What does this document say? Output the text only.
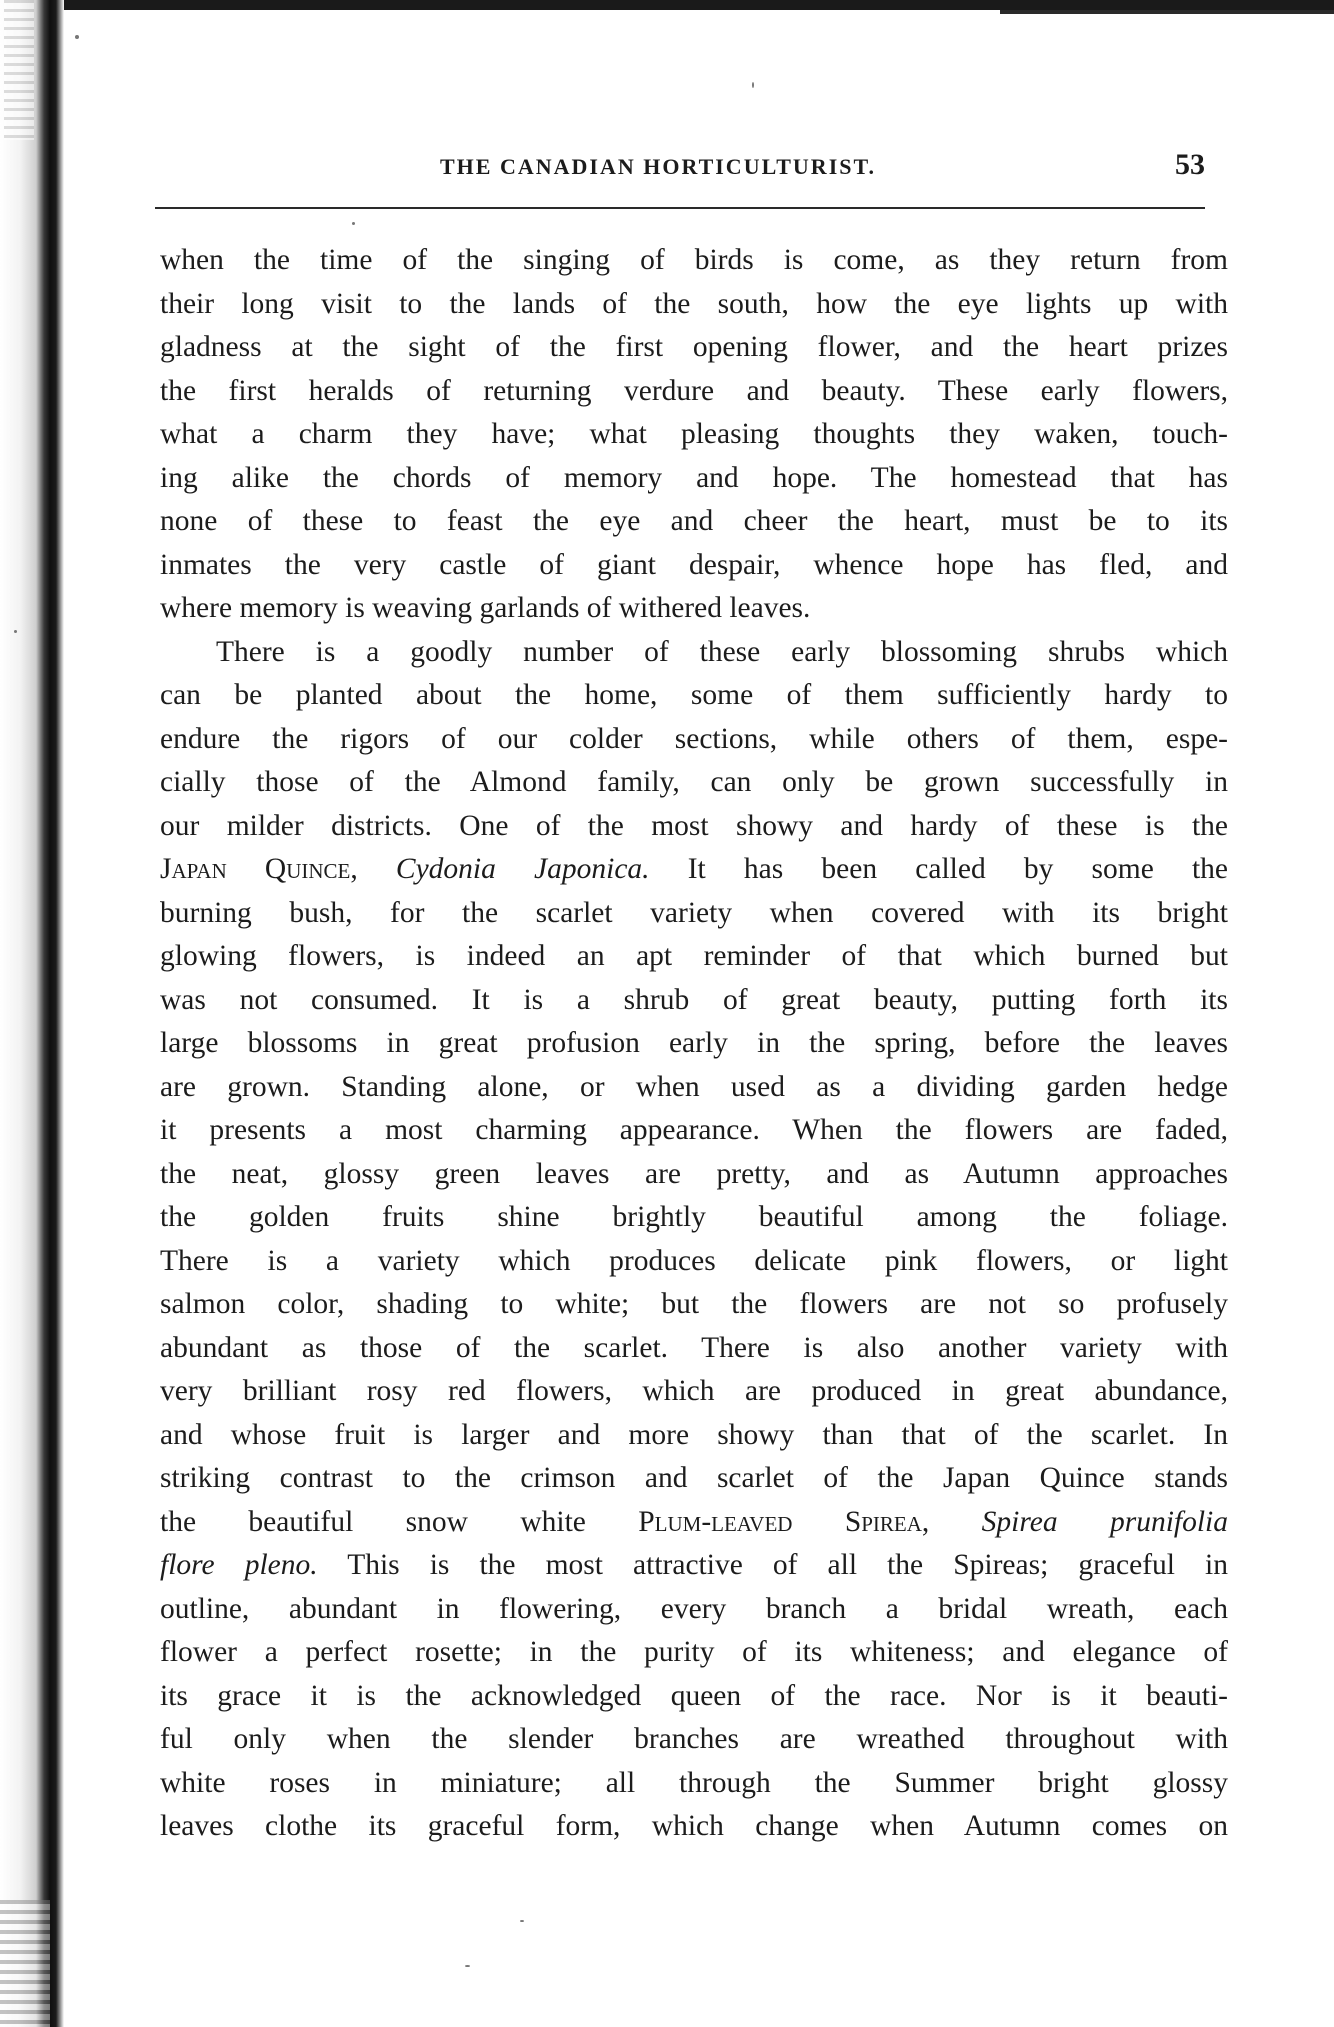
THE CANADIAN HORTICULTURIST.	53
when the time of the singing of birds is come, as they return from
their long visit to the lands of the south, how the eye lights up with
gladness at the sight of the first opening flower, and the heart prizes
the first heralds of returning verdure and beauty. These early flowers,
what a charm they have; what pleasing thoughts they waken, touch-
ing alike the chords of memory and hope. The homestead that has
none of these to feast the eye and cheer the heart, must be to its
inmates the very castle of giant despair, whence hope has fled, and
where memory is weaving garlands of withered leaves.
There is a goodly number of these early blossoming shrubs which
can be planted about the home, some of them sufficiently hardy to
endure the rigors of our colder sections, while others of them, espe-
cially those of the Almond family, can only be grown successfully in
our milder districts. One of the most showy and hardy of these is the
Japan Quince, Cydonia Japonica. It has been called by some the
burning bush, for the scarlet variety when covered with its bright
glowing flowers, is indeed an apt reminder of that which burned but
was not consumed. It is a shrub of great beauty, putting forth its
large blossoms in great profusion early in the spring, before the leaves
are grown. Standing alone, or when used as a dividing garden hedge
it presents a most charming appearance. When the flowers are faded,
the neat, glossy green leaves are pretty, and as Autumn approaches
the golden fruits shine brightly beautiful among the foliage.
There is a variety which produces delicate pink flowers, or light
salmon color, shading to white; but the flowers are not so profusely
abundant as those of the scarlet. There is also another variety with
very brilliant rosy red flowers, which are produced in great abundance,
and whose fruit is larger and more showy than that of the scarlet. In
striking contrast to the crimson and scarlet of the Japan Quince stands
the beautiful snow white Plum-leaved Spirea, Spirea prunifolia
flore pleno. This is the most attractive of all the Spireas; graceful in
outline, abundant in flowering, every branch a bridal wreath, each
flower a perfect rosette; in the purity of its whiteness; and elegance of
its grace it is the acknowledged queen of the race. Nor is it beauti-
ful only when the slender branches are wreathed throughout with
white roses in miniature; all through the Summer bright glossy
leaves clothe its graceful form, which change when Autumn comes on
